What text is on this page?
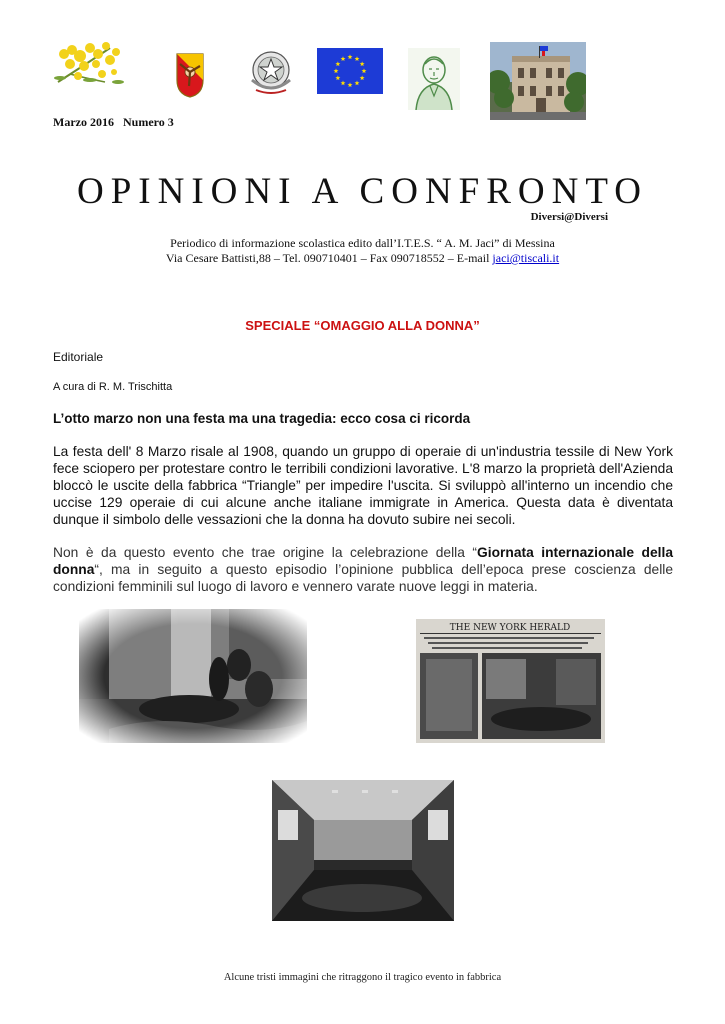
Marzo 2016   Numero 3
OPINIONI A CONFRONTO
Diversi@Diversi
Periodico di informazione scolastica edito dall’I.T.E.S. “ A. M. Jaci” di Messina
Via Cesare Battisti,88 – Tel. 090710401 – Fax 090718552 – E-mail jaci@tiscali.it
SPECIALE “OMAGGIO ALLA DONNA”
Editoriale
A cura di R. M. Trischitta
L’otto marzo non una festa ma una tragedia: ecco cosa ci ricorda
La festa dell' 8 Marzo risale al 1908, quando un gruppo di operaie di un'industria tessile di New York fece sciopero per protestare contro le terribili condizioni lavorative. L'8 marzo la proprietà dell'Azienda bloccò le uscite della fabbrica “Triangle” per impedire l'uscita. Si sviluppò all'interno un incendio che uccise 129 operaie di cui alcune anche italiane immigrate in America. Questa data è diventata dunque il simbolo delle vessazioni che la donna ha dovuto subire nei secoli.
Non è da questo evento che trae origine la celebrazione della “Giornata internazionale della donna“, ma in seguito a questo episodio l’opinione pubblica dell’epoca prese coscienza delle condizioni femminili sul luogo di lavoro e vennero varate nuove leggi in materia.
THE NEW YORK HERALD
Alcune tristi immagini che ritraggono il tragico evento in fabbrica
